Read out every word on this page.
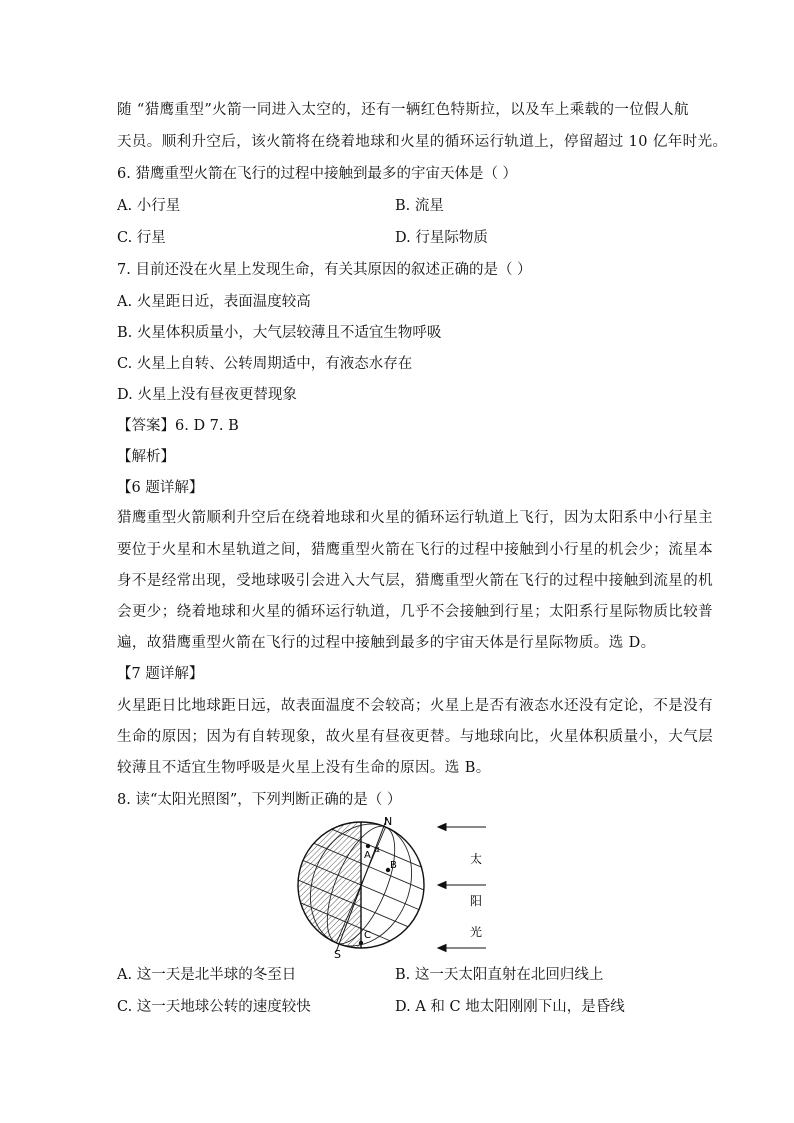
随 “猎鹰重型”火箭一同进入太空的，还有一辆红色特斯拉，以及车上乘载的一位假人航
天员。顺利升空后，该火箭将在绕着地球和火星的循环运行轨道上，停留超过 10 亿年时光。
6. 猎鹰重型火箭在飞行的过程中接触到最多的宇宙天体是（ ）
A. 小行星	B. 流星
C. 行星	D. 行星际物质
7. 目前还没在火星上发现生命，有关其原因的叙述正确的是（ ）
A. 火星距日近，表面温度较高
B. 火星体积质量小，大气层较薄且不适宜生物呼吸
C. 火星上自转、公转周期适中，有液态水存在
D. 火星上没有昼夜更替现象
【答案】6. D 7. B
【解析】
【6 题详解】
猎鹰重型火箭顺利升空后在绕着地球和火星的循环运行轨道上飞行，因为太阳系中小行星主
要位于火星和木星轨道之间，猎鹰重型火箭在飞行的过程中接触到小行星的机会少；流星本
身不是经常出现，受地球吸引会进入大气层，猎鹰重型火箭在飞行的过程中接触到流星的机
会更少；绕着地球和火星的循环运行轨道，几乎不会接触到行星；太阳系行星际物质比较普
遍，故猎鹰重型火箭在飞行的过程中接触到最多的宇宙天体是行星际物质。选 D。
【7 题详解】
火星距日比地球距日远，故表面温度不会较高；火星上是否有液态水还没有定论，不是没有
生命的原因；因为有自转现象，故火星有昼夜更替。与地球向比，火星体积质量小，大气层
较薄且不适宜生物呼吸是火星上没有生命的原因。选 B。
8. 读“太阳光照图”，下列判断正确的是（ ）
N
S
A α
B
C
太
阳
光
A. 这一天是北半球的冬至日	B. 这一天太阳直射在北回归线上
C. 这一天地球公转的速度较快	D. A 和 C 地太阳刚刚下山，是昏线
